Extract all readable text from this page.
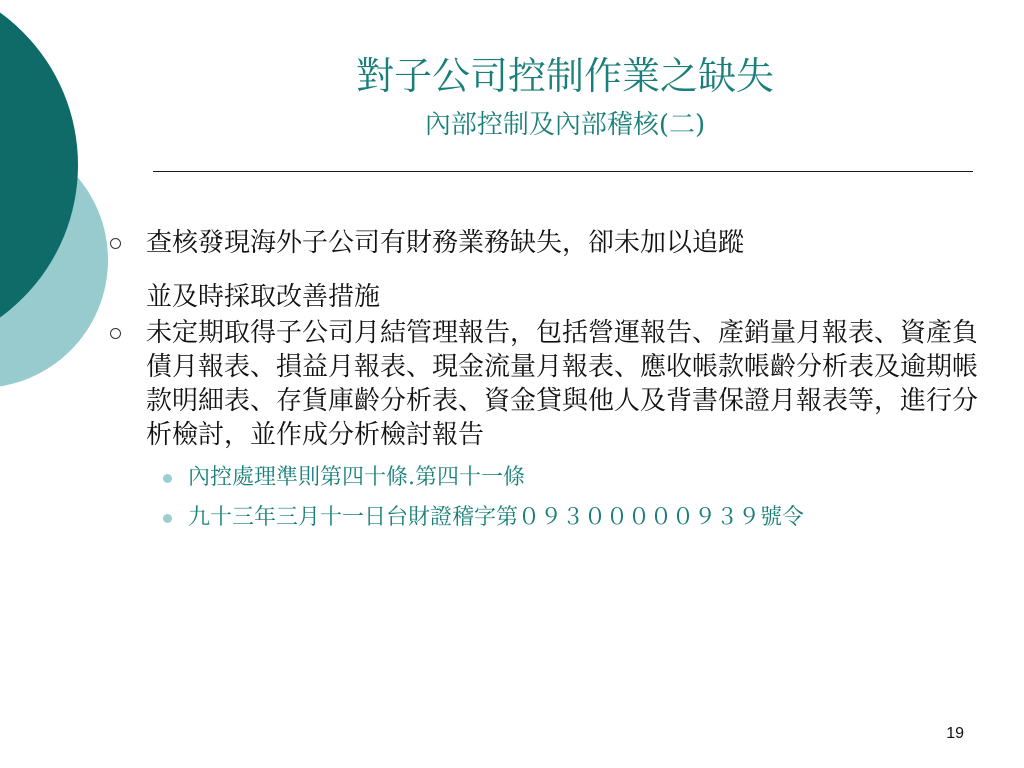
對子公司控制作業之缺失
內部控制及內部稽核(二)
查核發現海外子公司有財務業務缺失，卻未加以追蹤
並及時採取改善措施
未定期取得子公司月結管理報告，包括營運報告、產銷量月報表、資產負債月報表、損益月報表、現金流量月報表、應收帳款帳齡分析表及逾期帳款明細表、存貨庫齡分析表、資金貸與他人及背書保證月報表等，進行分析檢討，並作成分析檢討報告
內控處理準則第四十條.第四十一條
九十三年三月十一日台財證稽字第０９３０００００９３９號令
19
